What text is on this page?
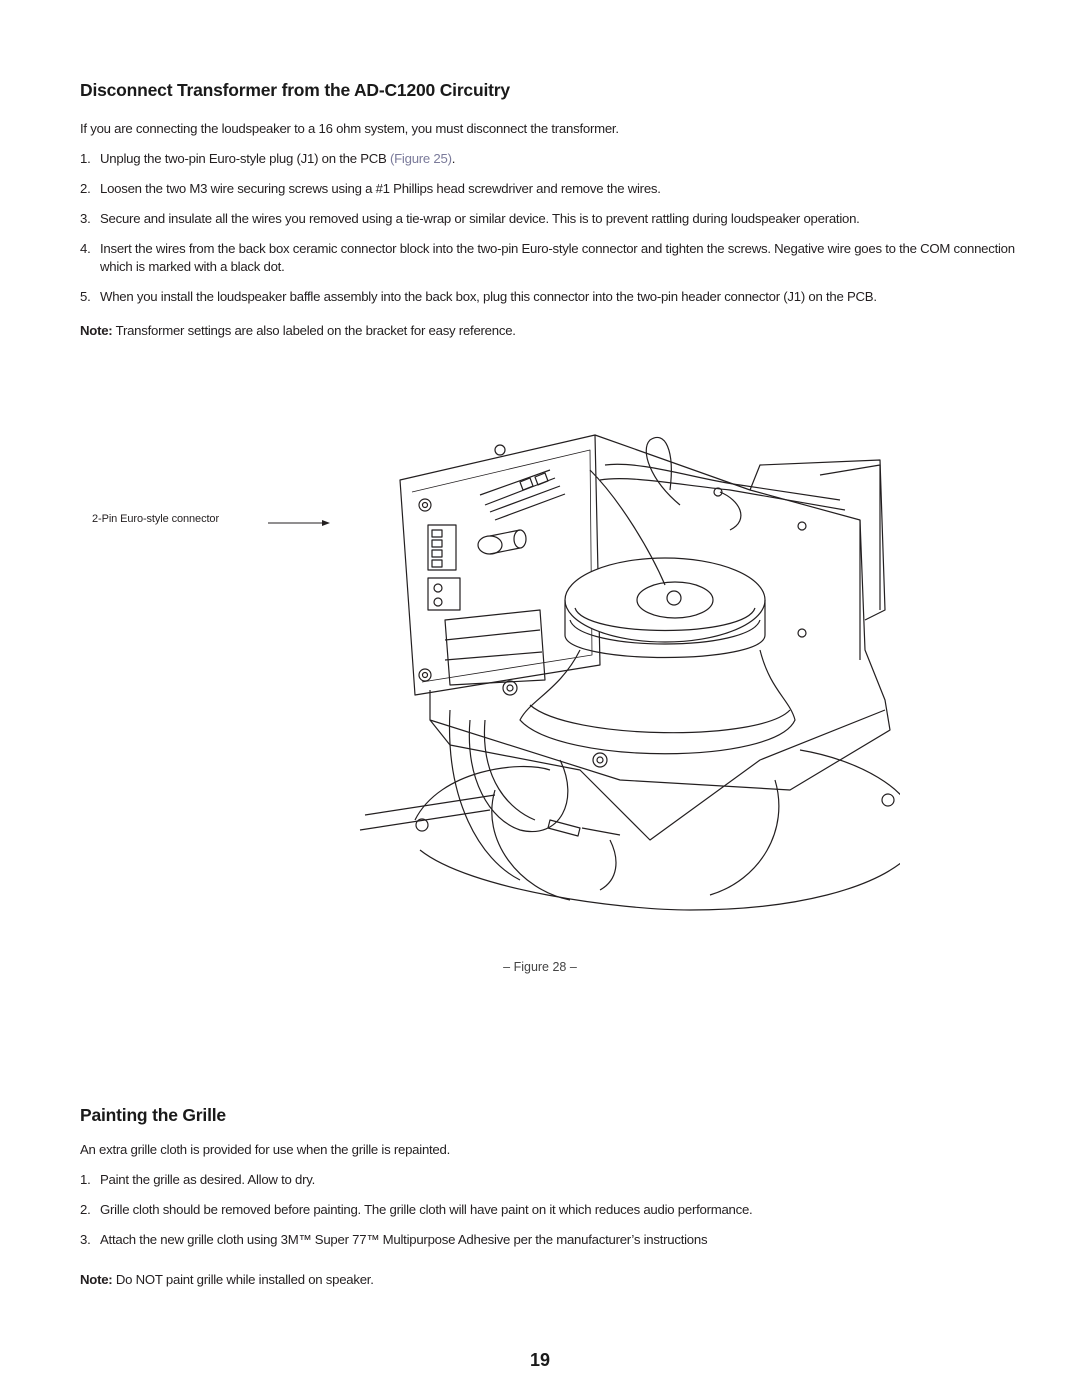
Disconnect Transformer from the AD-C1200 Circuitry

If you are connecting the loudspeaker to a 16 ohm system, you must disconnect the transformer.

1. Unplug the two-pin Euro-style plug (J1) on the PCB (Figure 25).
2. Loosen the two M3 wire securing screws using a #1 Phillips head screwdriver and remove the wires.
3. Secure and insulate all the wires you removed using a tie-wrap or similar device. This is to prevent rattling during loudspeaker operation.
4. Insert the wires from the back box ceramic connector block into the two-pin Euro-style connector and tighten the screws. Negative wire goes to the COM connection which is marked with a black dot.
5. When you install the loudspeaker baffle assembly into the back box, plug this connector into the two-pin header connector (J1) on the PCB.

Note: Transformer settings are also labeled on the bracket for easy reference.

2-Pin Euro-style connector
– Figure 28 –
Painting the Grille

An extra grille cloth is provided for use when the grille is repainted.

1. Paint the grille as desired. Allow to dry.
2. Grille cloth should be removed before painting. The grille cloth will have paint on it which reduces audio performance.
3. Attach the new grille cloth using 3M™ Super 77™ Multipurpose Adhesive per the manufacturer’s instructions

Note: Do NOT paint grille while installed on speaker.

19
